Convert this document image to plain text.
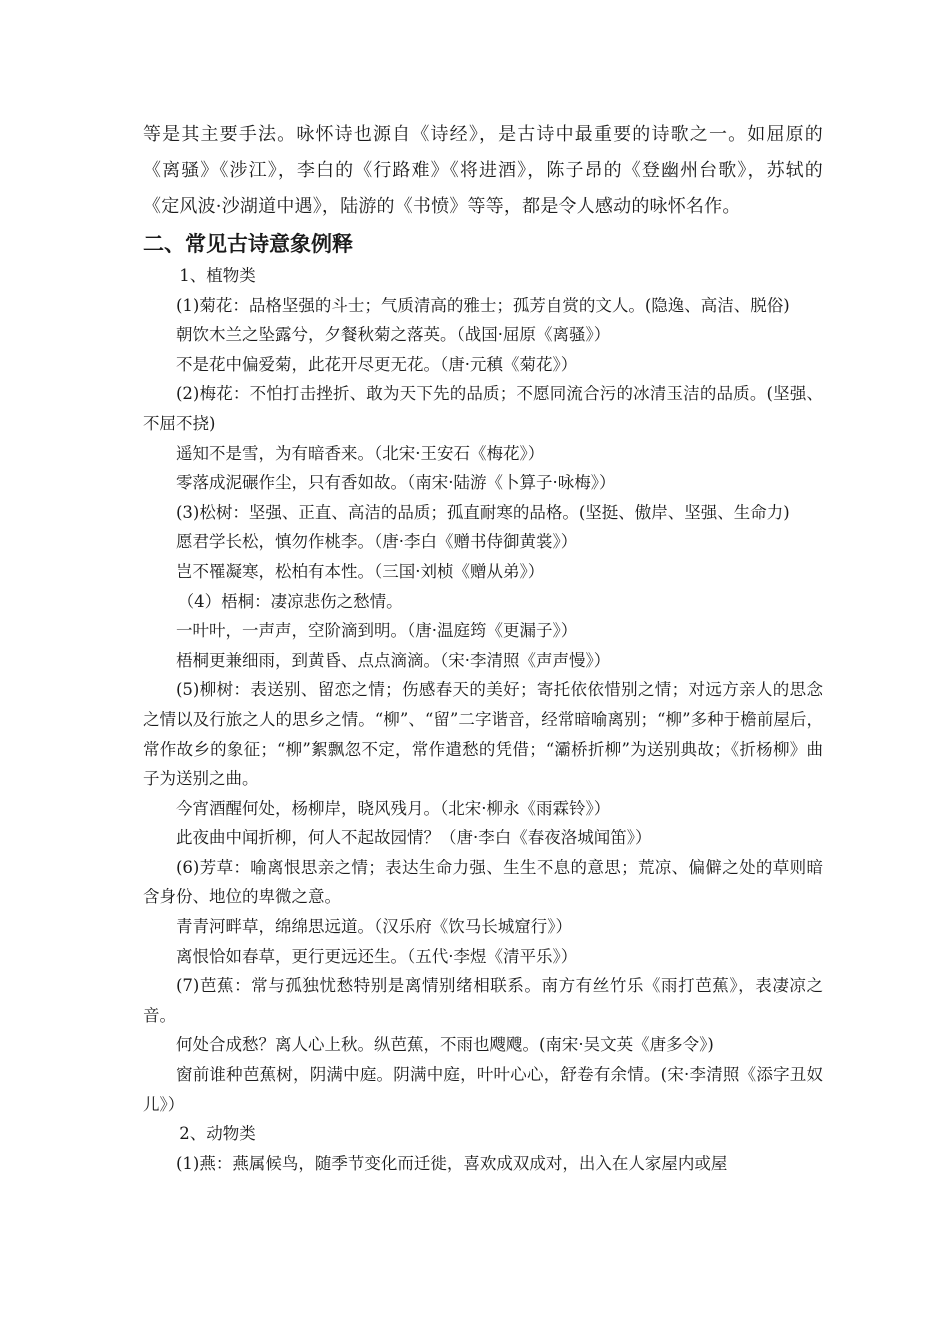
等是其主要手法。咏怀诗也源自《诗经》，是古诗中最重要的诗歌之一。如屈原的《离骚》《涉江》，李白的《行路难》《将进酒》，陈子昂的《登幽州台歌》，苏轼的《定风波·沙湖道中遇》，陆游的《书愤》等等，都是令人感动的咏怀名作。

二、常见古诗意象例释

1、植物类

(1)菊花：品格坚强的斗士；气质清高的雅士；孤芳自赏的文人。(隐逸、高洁、脱俗)

朝饮木兰之坠露兮，夕餐秋菊之落英。（战国·屈原《离骚》）

不是花中偏爱菊，此花开尽更无花。（唐·元稹《菊花》）

(2)梅花：不怕打击挫折、敢为天下先的品质；不愿同流合污的冰清玉洁的品质。(坚强、不屈不挠)

遥知不是雪，为有暗香来。（北宋·王安石《梅花》）

零落成泥碾作尘，只有香如故。（南宋·陆游《卜算子·咏梅》）

(3)松树：坚强、正直、高洁的品质；孤直耐寒的品格。(坚挺、傲岸、坚强、生命力)

愿君学长松，慎勿作桃李。（唐·李白《赠书侍御黄裳》）

岂不罹凝寒，松柏有本性。（三国·刘桢《赠从弟》）

（4）梧桐：凄凉悲伤之愁情。

一叶叶，一声声，空阶滴到明。（唐·温庭筠《更漏子》）

梧桐更兼细雨，到黄昏、点点滴滴。（宋·李清照《声声慢》）

(5)柳树：表送别、留恋之情；伤感春天的美好；寄托依依惜别之情；对远方亲人的思念之情以及行旅之人的思乡之情。“柳”、“留”二字谐音，经常暗喻离别；“柳”多种于檐前屋后，常作故乡的象征；“柳”絮飘忽不定，常作遣愁的凭借；“灞桥折柳”为送别典故；《折杨柳》曲子为送别之曲。

今宵酒醒何处，杨柳岸，晓风残月。（北宋·柳永《雨霖铃》）

此夜曲中闻折柳，何人不起故园情？（唐·李白《春夜洛城闻笛》）

(6)芳草：喻离恨思亲之情；表达生命力强、生生不息的意思；荒凉、偏僻之处的草则暗含身份、地位的卑微之意。

青青河畔草，绵绵思远道。（汉乐府《饮马长城窟行》）

离恨恰如春草，更行更远还生。（五代·李煜《清平乐》）

(7)芭蕉：常与孤独忧愁特别是离情别绪相联系。南方有丝竹乐《雨打芭蕉》，表凄凉之音。

何处合成愁？离人心上秋。纵芭蕉，不雨也飕飕。(南宋·吴文英《唐多令》)

窗前谁种芭蕉树，阴满中庭。阴满中庭，叶叶心心，舒卷有余情。(宋·李清照《添字丑奴儿》）

2、动物类

(1)燕：燕属候鸟，随季节变化而迁徙，喜欢成双成对，出入在人家屋内或屋
